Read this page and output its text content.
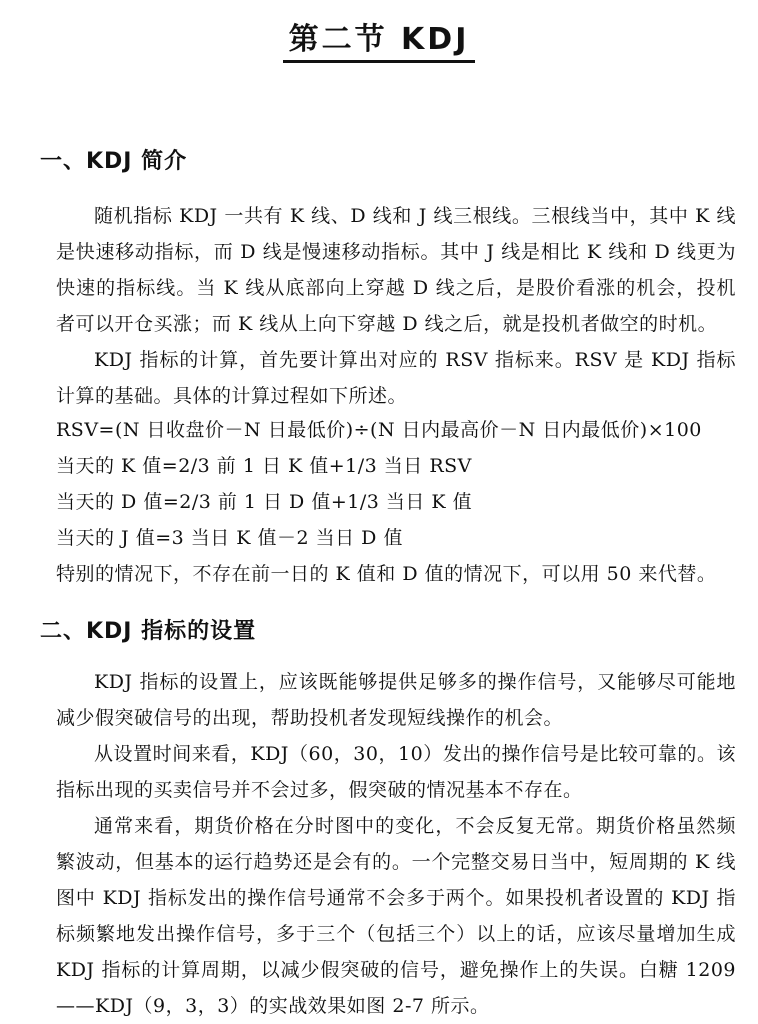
第二节 KDJ
一、KDJ 简介

随机指标 KDJ 一共有 K 线、D 线和 J 线三根线。三根线当中，其中 K 线是快速移动指标，而 D 线是慢速移动指标。其中 J 线是相比 K 线和 D 线更为快速的指标线。当 K 线从底部向上穿越 D 线之后，是股价看涨的机会，投机者可以开仓买涨；而 K 线从上向下穿越 D 线之后，就是投机者做空的时机。

KDJ 指标的计算，首先要计算出对应的 RSV 指标来。RSV 是 KDJ 指标计算的基础。具体的计算过程如下所述。

RSV=(N 日收盘价－N 日最低价)÷(N 日内最高价－N 日内最低价)×100
当天的 K 值=2/3 前 1 日 K 值+1/3 当日 RSV
当天的 D 值=2/3 前 1 日 D 值+1/3 当日 K 值
当天的 J 值=3 当日 K 值－2 当日 D 值
特别的情况下，不存在前一日的 K 值和 D 值的情况下，可以用 50 来代替。
二、KDJ 指标的设置

KDJ 指标的设置上，应该既能够提供足够多的操作信号，又能够尽可能地减少假突破信号的出现，帮助投机者发现短线操作的机会。

从设置时间来看，KDJ（60，30，10）发出的操作信号是比较可靠的。该指标出现的买卖信号并不会过多，假突破的情况基本不存在。

通常来看，期货价格在分时图中的变化，不会反复无常。期货价格虽然频繁波动，但基本的运行趋势还是会有的。一个完整交易日当中，短周期的 K 线图中 KDJ 指标发出的操作信号通常不会多于两个。如果投机者设置的 KDJ 指标频繁地发出操作信号，多于三个（包括三个）以上的话，应该尽量增加生成 KDJ 指标的计算周期，以减少假突破的信号，避免操作上的失误。白糖 1209——KDJ（9，3，3）的实战效果如图 2-7 所示。
